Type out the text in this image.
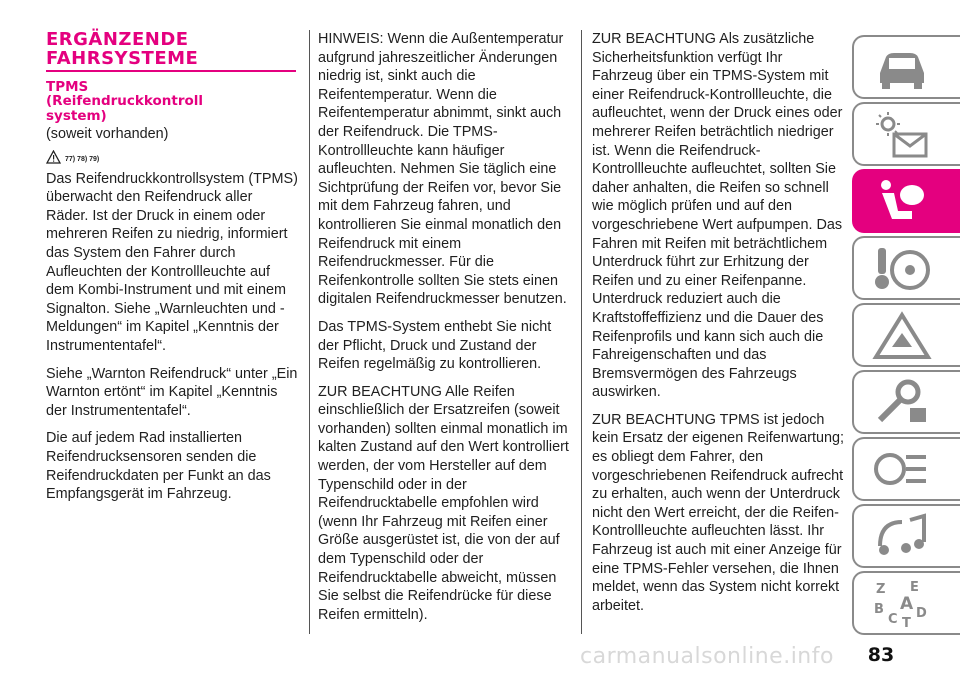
ERGÄNZENDE
FAHRSYSTEME
TPMS
(Reifendruckkontroll
system)
(soweit vorhanden)
77) 78) 79)

Das Reifendruckkontrollsystem (TPMS) überwacht den Reifendruck aller Räder. Ist der Druck in einem oder mehreren Reifen zu niedrig, informiert das System den Fahrer durch Aufleuchten der Kontrollleuchte auf dem Kombi-Instrument und mit einem Signalton. Siehe „Warnleuchten und -Meldungen“ im Kapitel „Kenntnis der Instrumententafel“.

Siehe „Warnton Reifendruck“ unter „Ein Warnton ertönt“ im Kapitel „Kenntnis der Instrumententafel“.

Die auf jedem Rad installierten Reifendrucksensoren senden die Reifendruckdaten per Funkt an das Empfangsgerät im Fahrzeug.

HINWEIS: Wenn die Außentemperatur aufgrund jahreszeitlicher Änderungen niedrig ist, sinkt auch die Reifentemperatur. Wenn die Reifentemperatur abnimmt, sinkt auch der Reifendruck. Die TPMS-Kontrollleuchte kann häufiger aufleuchten. Nehmen Sie täglich eine Sichtprüfung der Reifen vor, bevor Sie mit dem Fahrzeug fahren, und kontrollieren Sie einmal monatlich den Reifendruck mit einem Reifendruckmesser. Für die Reifenkontrolle sollten Sie stets einen digitalen Reifendruckmesser benutzen.

Das TPMS-System enthebt Sie nicht der Pflicht, Druck und Zustand der Reifen regelmäßig zu kontrollieren.

ZUR BEACHTUNG Alle Reifen einschließlich der Ersatzreifen (soweit vorhanden) sollten einmal monatlich im kalten Zustand auf den Wert kontrolliert werden, der vom Hersteller auf dem Typenschild oder in der Reifendrucktabelle empfohlen wird (wenn Ihr Fahrzeug mit Reifen einer Größe ausgerüstet ist, die von der auf dem Typenschild oder der Reifendrucktabelle abweicht, müssen Sie selbst die Reifendrücke für diese Reifen ermitteln).

ZUR BEACHTUNG Als zusätzliche Sicherheitsfunktion verfügt Ihr Fahrzeug über ein TPMS-System mit einer Reifendruck-Kontrollleuchte, die aufleuchtet, wenn der Druck eines oder mehrerer Reifen beträchtlich niedriger ist. Wenn die Reifendruck-Kontrollleuchte aufleuchtet, sollten Sie daher anhalten, die Reifen so schnell wie möglich prüfen und auf den vorgeschriebene Wert aufpumpen. Das Fahren mit Reifen mit beträchtlichem Unterdruck führt zur Erhitzung der Reifen und zu einer Reifenpanne. Unterdruck reduziert auch die Kraftstoffeffizienz und die Dauer des Reifenprofils und kann sich auch die Fahreigenschaften und das Bremsvermögen des Fahrzeugs auswirken.

ZUR BEACHTUNG TPMS ist jedoch kein Ersatz der eigenen Reifenwartung; es obliegt dem Fahrer, den vorgeschriebenen Reifendruck aufrecht zu erhalten, auch wenn der Unterdruck nicht den Wert erreicht, der die Reifen-Kontrollleuchte aufleuchten lässt. Ihr Fahrzeug ist auch mit einer Anzeige für eine TPMS-Fehler versehen, die Ihnen meldet, wenn das System nicht korrekt arbeitet.

Z E
A
B
C D
T
carmanualsonline.info 83
